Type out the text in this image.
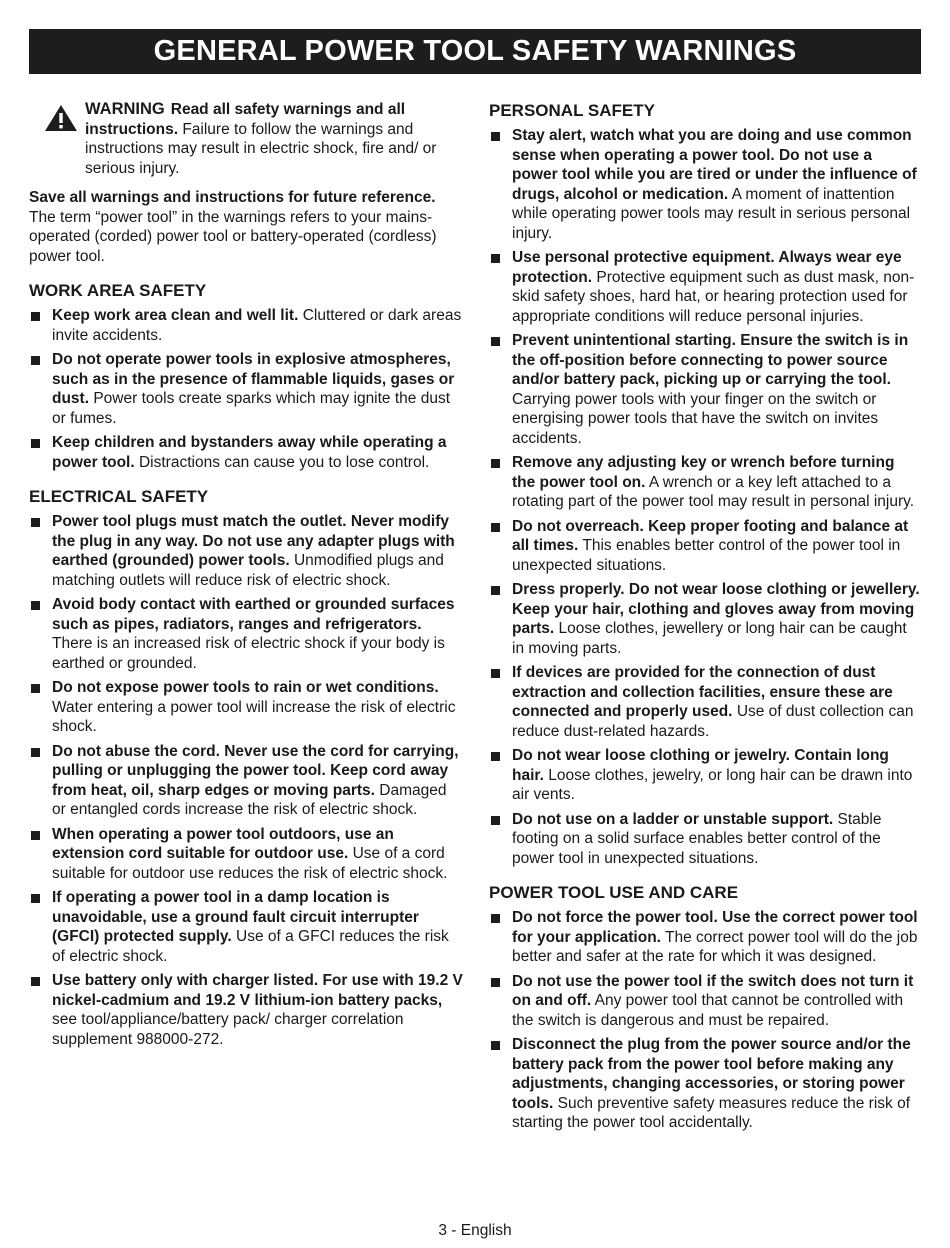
GENERAL POWER TOOL SAFETY WARNINGS
WARNING Read all safety warnings and all instructions. Failure to follow the warnings and instructions may result in electric shock, fire and/ or serious injury.

Save all warnings and instructions for future reference. The term “power tool” in the warnings refers to your mains-operated (corded) power tool or battery-operated (cordless) power tool.

WORK AREA SAFETY
Keep work area clean and well lit. Cluttered or dark areas invite accidents.
Do not operate power tools in explosive atmospheres, such as in the presence of flammable liquids, gases or dust. Power tools create sparks which may ignite the dust or fumes.
Keep children and bystanders away while operating a power tool. Distractions can cause you to lose control.
ELECTRICAL SAFETY
Power tool plugs must match the outlet. Never modify the plug in any way. Do not use any adapter plugs with earthed (grounded) power tools. Unmodified plugs and matching outlets will reduce risk of electric shock.
Avoid body contact with earthed or grounded surfaces such as pipes, radiators, ranges and refrigerators. There is an increased risk of electric shock if your body is earthed or grounded.
Do not expose power tools to rain or wet conditions. Water entering a power tool will increase the risk of electric shock.
Do not abuse the cord. Never use the cord for carrying, pulling or unplugging the power tool. Keep cord away from heat, oil, sharp edges or moving parts. Damaged or entangled cords increase the risk of electric shock.
When operating a power tool outdoors, use an extension cord suitable for outdoor use. Use of a cord suitable for outdoor use reduces the risk of electric shock.
If operating a power tool in a damp location is unavoidable, use a ground fault circuit interrupter (GFCI) protected supply. Use of a GFCI reduces the risk of electric shock.
Use battery only with charger listed. For use with 19.2 V nickel-cadmium and 19.2 V lithium-ion battery packs, see tool/appliance/battery pack/ charger correlation supplement 988000-272.
PERSONAL SAFETY
Stay alert, watch what you are doing and use common sense when operating a power tool. Do not use a power tool while you are tired or under the influence of drugs, alcohol or medication. A moment of inattention while operating power tools may result in serious personal injury.
Use personal protective equipment. Always wear eye protection. Protective equipment such as dust mask, non-skid safety shoes, hard hat, or hearing protection used for appropriate conditions will reduce personal injuries.
Prevent unintentional starting. Ensure the switch is in the off-position before connecting to power source and/or battery pack, picking up or carrying the tool. Carrying power tools with your finger on the switch or energising power tools that have the switch on invites accidents.
Remove any adjusting key or wrench before turning the power tool on. A wrench or a key left attached to a rotating part of the power tool may result in personal injury.
Do not overreach. Keep proper footing and balance at all times. This enables better control of the power tool in unexpected situations.
Dress properly. Do not wear loose clothing or jewellery. Keep your hair, clothing and gloves away from moving parts. Loose clothes, jewellery or long hair can be caught in moving parts.
If devices are provided for the connection of dust extraction and collection facilities, ensure these are connected and properly used. Use of dust collection can reduce dust-related hazards.
Do not wear loose clothing or jewelry. Contain long hair. Loose clothes, jewelry, or long hair can be drawn into air vents.
Do not use on a ladder or unstable support. Stable footing on a solid surface enables better control of the power tool in unexpected situations.
POWER TOOL USE AND CARE
Do not force the power tool. Use the correct power tool for your application. The correct power tool will do the job better and safer at the rate for which it was designed.
Do not use the power tool if the switch does not turn it on and off. Any power tool that cannot be controlled with the switch is dangerous and must be repaired.
Disconnect the plug from the power source and/or the battery pack from the power tool before making any adjustments, changing accessories, or storing power tools. Such preventive safety measures reduce the risk of starting the power tool accidentally.
3 - English
